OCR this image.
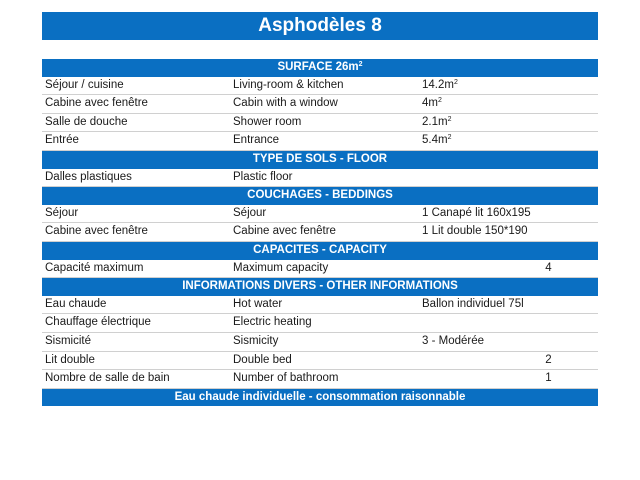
Asphodèles 8
SURFACE $26m^2$
Séjour / cuisine	Living-room & kitchen	$14.2m^2$
Cabine avec fenêtre	Cabin with a window	$4m^2$
Salle de douche	Shower room	$2.1m^2$
Entrée	Entrance	$5.4m^2$
TYPE DE SOLS - FLOOR		
Dalles plastiques	Plastic floor	
COUCHAGES - BEDDINGS		
Séjour	Séjour	1 Canapé lit 160x195
Cabine avec fenêtre	Cabine avec fenêtre	1 Lit double 150*190
CAPACITES - CAPACITY		
Capacité maximum	Maximum capacity	4
INFORMATIONS DIVERS - OTHER INFORMATIONS		
Eau chaude	Hot water	Ballon individuel 75l
Chauffage électrique	Electric heating	
Sismicité	Sismicity	3 - Modérée
Lit double	Double bed	2
Nombre de salle de bain	Number of bathroom	1
Eau chaude individuelle - consommation raisonnable		
